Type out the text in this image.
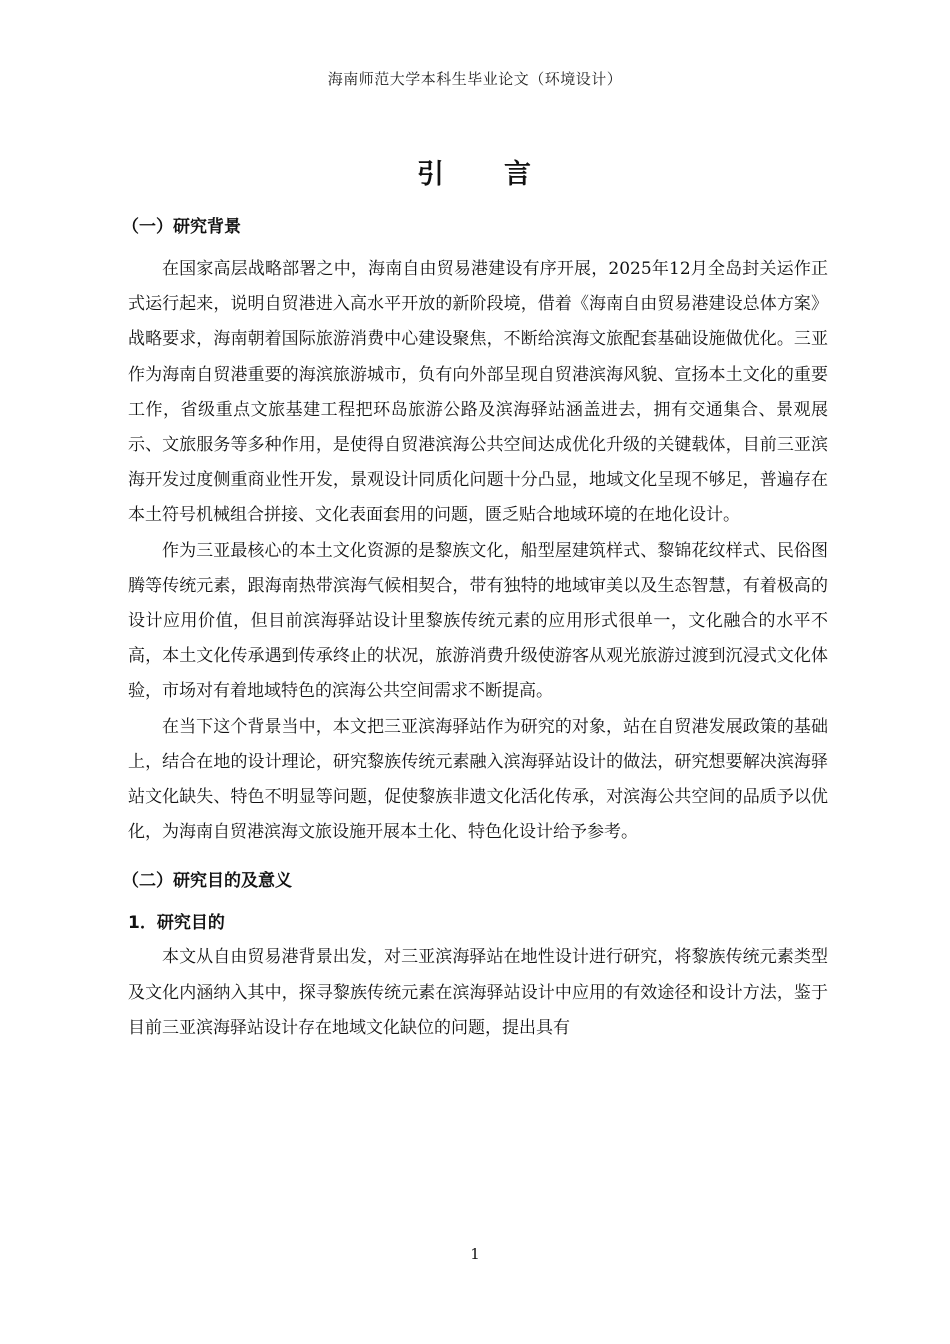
海南师范大学本科生毕业论文（环境设计）
引 言
（一）研究背景

在国家高层战略部署之中，海南自由贸易港建设有序开展，2025年12月全岛封关运作正式运行起来，说明自贸港进入高水平开放的新阶段境，借着《海南自由贸易港建设总体方案》战略要求，海南朝着国际旅游消费中心建设聚焦，不断给滨海文旅配套基础设施做优化。三亚作为海南自贸港重要的海滨旅游城市，负有向外部呈现自贸港滨海风貌、宣扬本土文化的重要工作，省级重点文旅基建工程把环岛旅游公路及滨海驿站涵盖进去，拥有交通集合、景观展示、文旅服务等多种作用，是使得自贸港滨海公共空间达成优化升级的关键载体，目前三亚滨海开发过度侧重商业性开发，景观设计同质化问题十分凸显，地域文化呈现不够足，普遍存在本土符号机械组合拼接、文化表面套用的问题，匮乏贴合地域环境的在地化设计。

作为三亚最核心的本土文化资源的是黎族文化，船型屋建筑样式、黎锦花纹样式、民俗图腾等传统元素，跟海南热带滨海气候相契合，带有独特的地域审美以及生态智慧，有着极高的设计应用价值，但目前滨海驿站设计里黎族传统元素的应用形式很单一，文化融合的水平不高，本土文化传承遇到传承终止的状况，旅游消费升级使游客从观光旅游过渡到沉浸式文化体验，市场对有着地域特色的滨海公共空间需求不断提高。

在当下这个背景当中，本文把三亚滨海驿站作为研究的对象，站在自贸港发展政策的基础上，结合在地的设计理论，研究黎族传统元素融入滨海驿站设计的做法，研究想要解决滨海驿站文化缺失、特色不明显等问题，促使黎族非遗文化活化传承，对滨海公共空间的品质予以优化，为海南自贸港滨海文旅设施开展本土化、特色化设计给予参考。

（二）研究目的及意义
1．研究目的

本文从自由贸易港背景出发，对三亚滨海驿站在地性设计进行研究，将黎族传统元素类型及文化内涵纳入其中，探寻黎族传统元素在滨海驿站设计中应用的有效途径和设计方法，鉴于目前三亚滨海驿站设计存在地域文化缺位的问题，提出具有

1
